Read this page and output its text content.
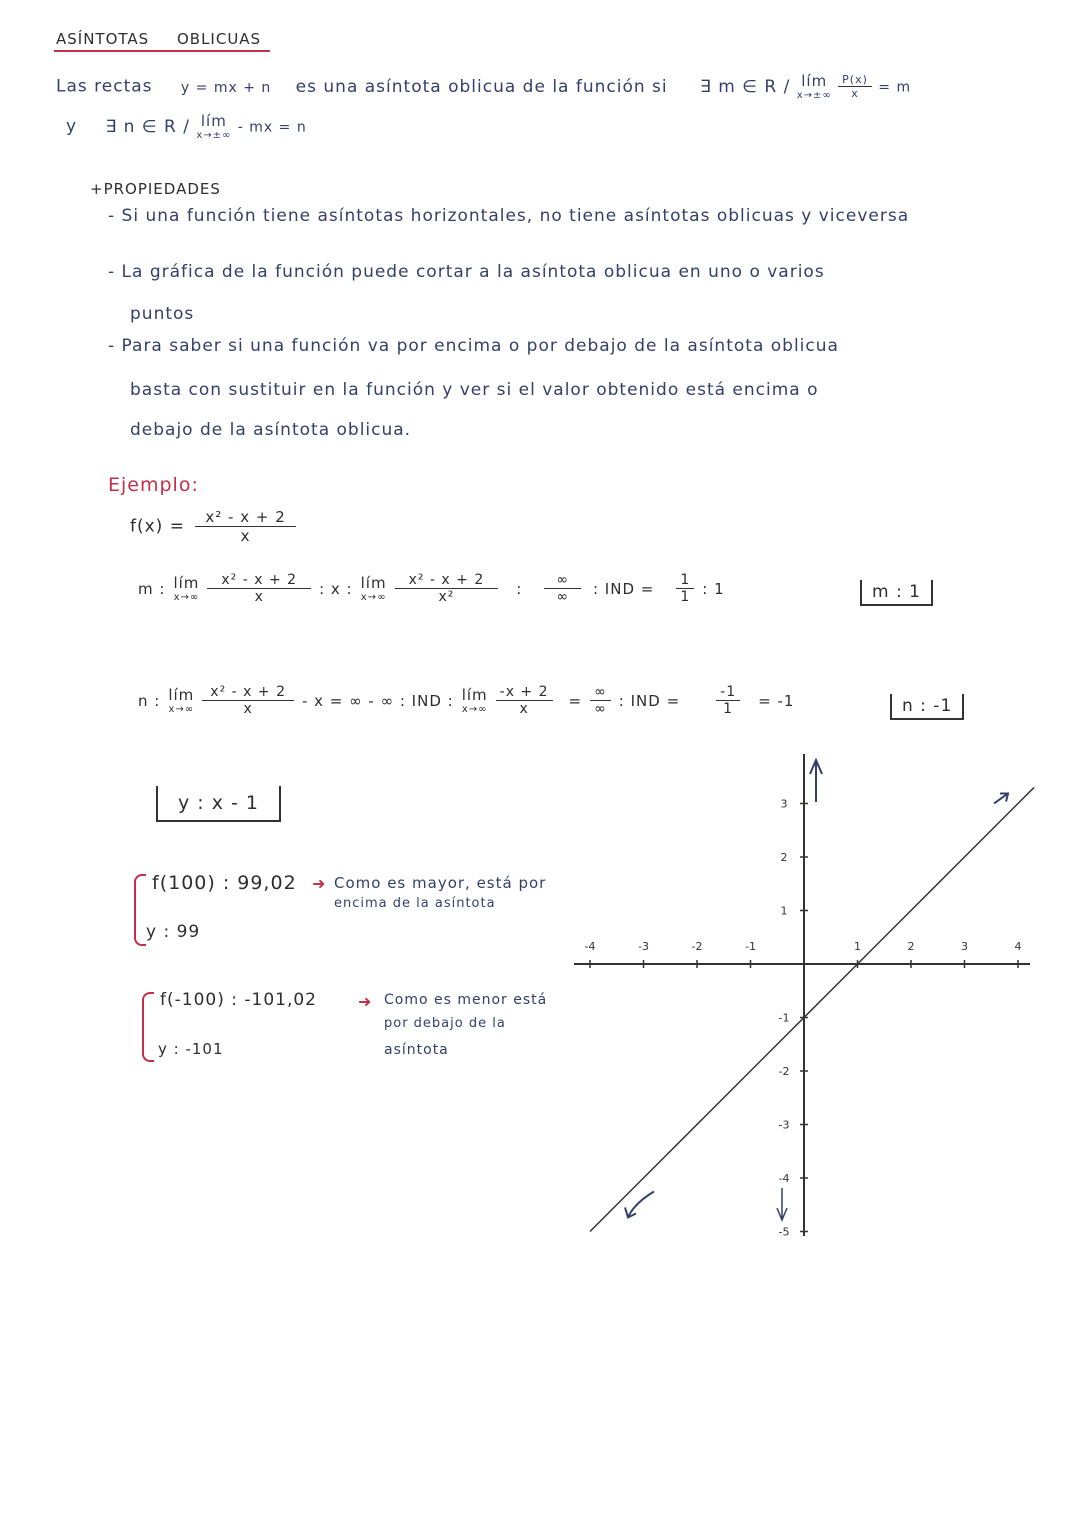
ASÍNTOTAS OBLICUAS
Las rectas y = mx + n es una asíntota oblicua de la función si ∃ m ∈ R / lím
x→±∞
$\frac{P(x)}{x} = m$
y ∃ n ∈ R / lím
x→±∞ - mx = n
+PROPIEDADES
- Si una función tiene asíntotas horizontales, no tiene asíntotas oblicuas y viceversa
- La gráfica de la función puede cortar a la asíntota oblicua en uno o varios
puntos
- Para saber si una función va por encima o por debajo de la asíntota oblicua
basta con sustituir en la función y ver si el valor obtenido está encima o
debajo de la asíntota oblicua.
Ejemplo:
$f(x) = \frac{\text{x² - x + 2}}{x}$
m : lím
$x\to\infty \frac{\text{x² - x + 2}}{x}$ : x : lím
$x\to\infty \frac{\text{x² - x + 2}}{\text{x²}}$ : $\frac{\infty}{\infty}$ : IND = $\frac{1}{1}$ : 1	m : 1
n : lím
$x\to\infty \frac{\text{x² - x + 2}}{x} - x$ = ∞ - ∞ : IND : lím
$x\to\infty \frac{-x + 2}{x} = \frac{\infty}{\infty}$ : IND =	$\frac{-1}{1} = -1$	n : -1
y : x - 1
f(100) : 99,02
y : 99
➜ Como es mayor, está por
encima de la asíntota
f(-100) : -101,02
y : -101
➜ Como es menor está
por debajo de la
asíntota
-4	-3	-2	-1	1	2	3	4
3
2
1
-1
-2
-3
-4
-5
